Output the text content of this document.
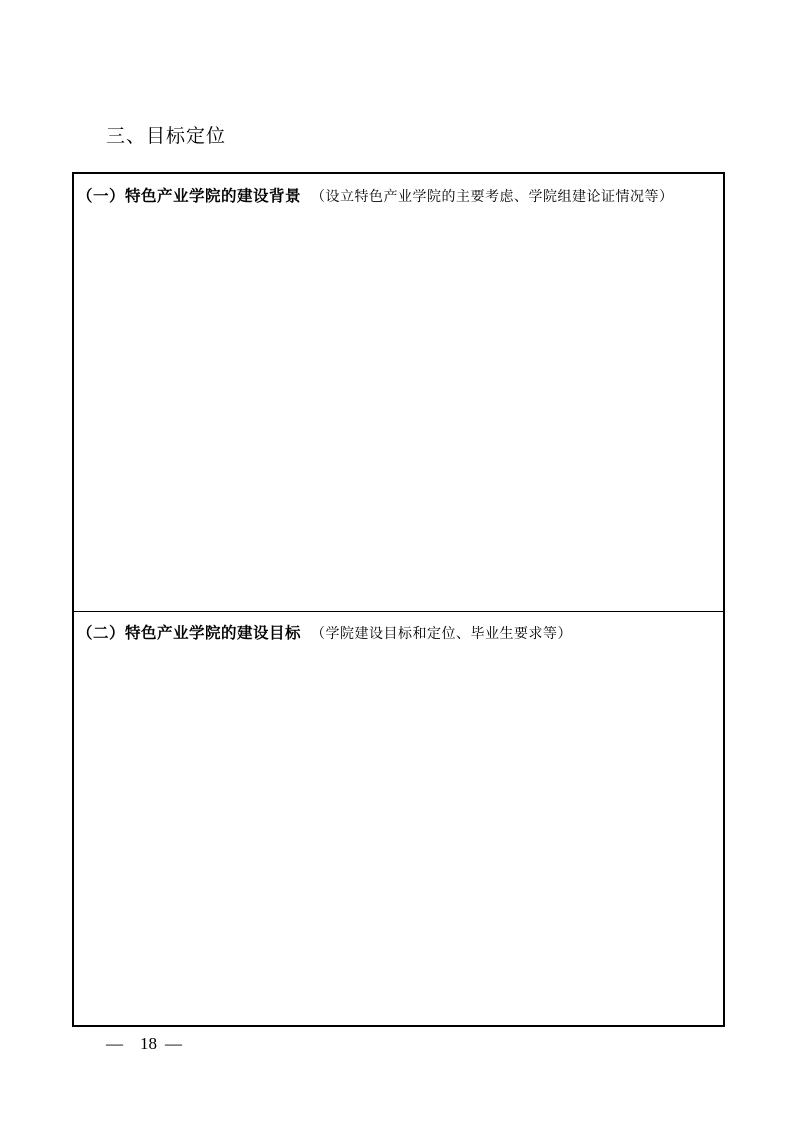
三、目标定位
（一）特色产业学院的建设背景 （设立特色产业学院的主要考虑、学院组建论证情况等）
（二）特色产业学院的建设目标 （学院建设目标和定位、毕业生要求等）
— 18 —
